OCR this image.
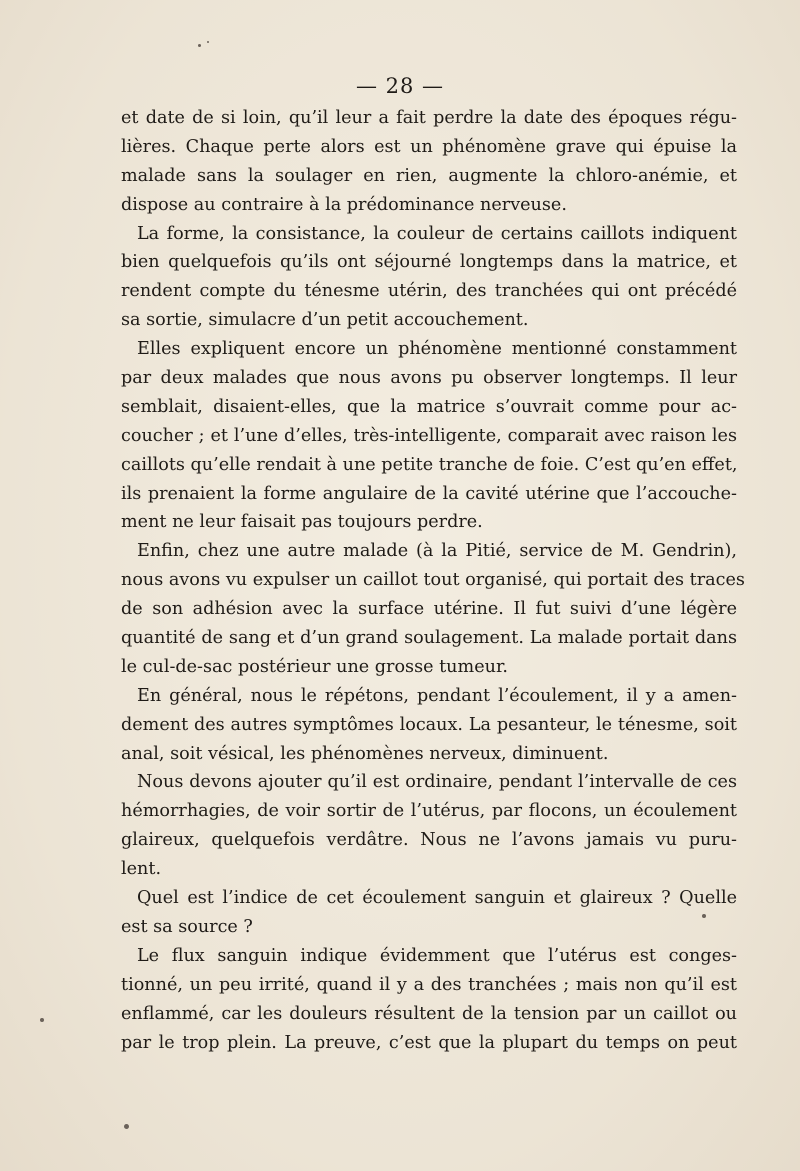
— 28 —
et date de si loin, qu’il leur a fait perdre la date des époques régu-
lières. Chaque perte alors est un phénomène grave qui épuise la
malade sans la soulager en rien, augmente la chloro-anémie, et
dispose au contraire à la prédominance nerveuse.
La forme, la consistance, la couleur de certains caillots indiquent
bien quelquefois qu’ils ont séjourné longtemps dans la matrice, et
rendent compte du ténesme utérin, des tranchées qui ont précédé
sa sortie, simulacre d’un petit accouchement.
Elles expliquent encore un phénomène mentionné constamment
par deux malades que nous avons pu observer longtemps. Il leur
semblait, disaient-elles, que la matrice s’ouvrait comme pour ac-
coucher ; et l’une d’elles, très-intelligente, comparait avec raison les
caillots qu’elle rendait à une petite tranche de foie. C’est qu’en effet,
ils prenaient la forme angulaire de la cavité utérine que l’accouche-
ment ne leur faisait pas toujours perdre.
Enfin, chez une autre malade (à la Pitié, service de M. Gendrin),
nous avons vu expulser un caillot tout organisé, qui portait des traces
de son adhésion avec la surface utérine. Il fut suivi d’une légère
quantité de sang et d’un grand soulagement. La malade portait dans
le cul-de-sac postérieur une grosse tumeur.
En général, nous le répétons, pendant l’écoulement, il y a amen-
dement des autres symptômes locaux. La pesanteur, le ténesme, soit
anal, soit vésical, les phénomènes nerveux, diminuent.
Nous devons ajouter qu’il est ordinaire, pendant l’intervalle de ces
hémorrhagies, de voir sortir de l’utérus, par flocons, un écoulement
glaireux, quelquefois verdâtre. Nous ne l’avons jamais vu puru-
lent.
Quel est l’indice de cet écoulement sanguin et glaireux ? Quelle
est sa source ?
Le flux sanguin indique évidemment que l’utérus est conges-
tionné, un peu irrité, quand il y a des tranchées ; mais non qu’il est
enflammé, car les douleurs résultent de la tension par un caillot ou
par le trop plein. La preuve, c’est que la plupart du temps on peut
